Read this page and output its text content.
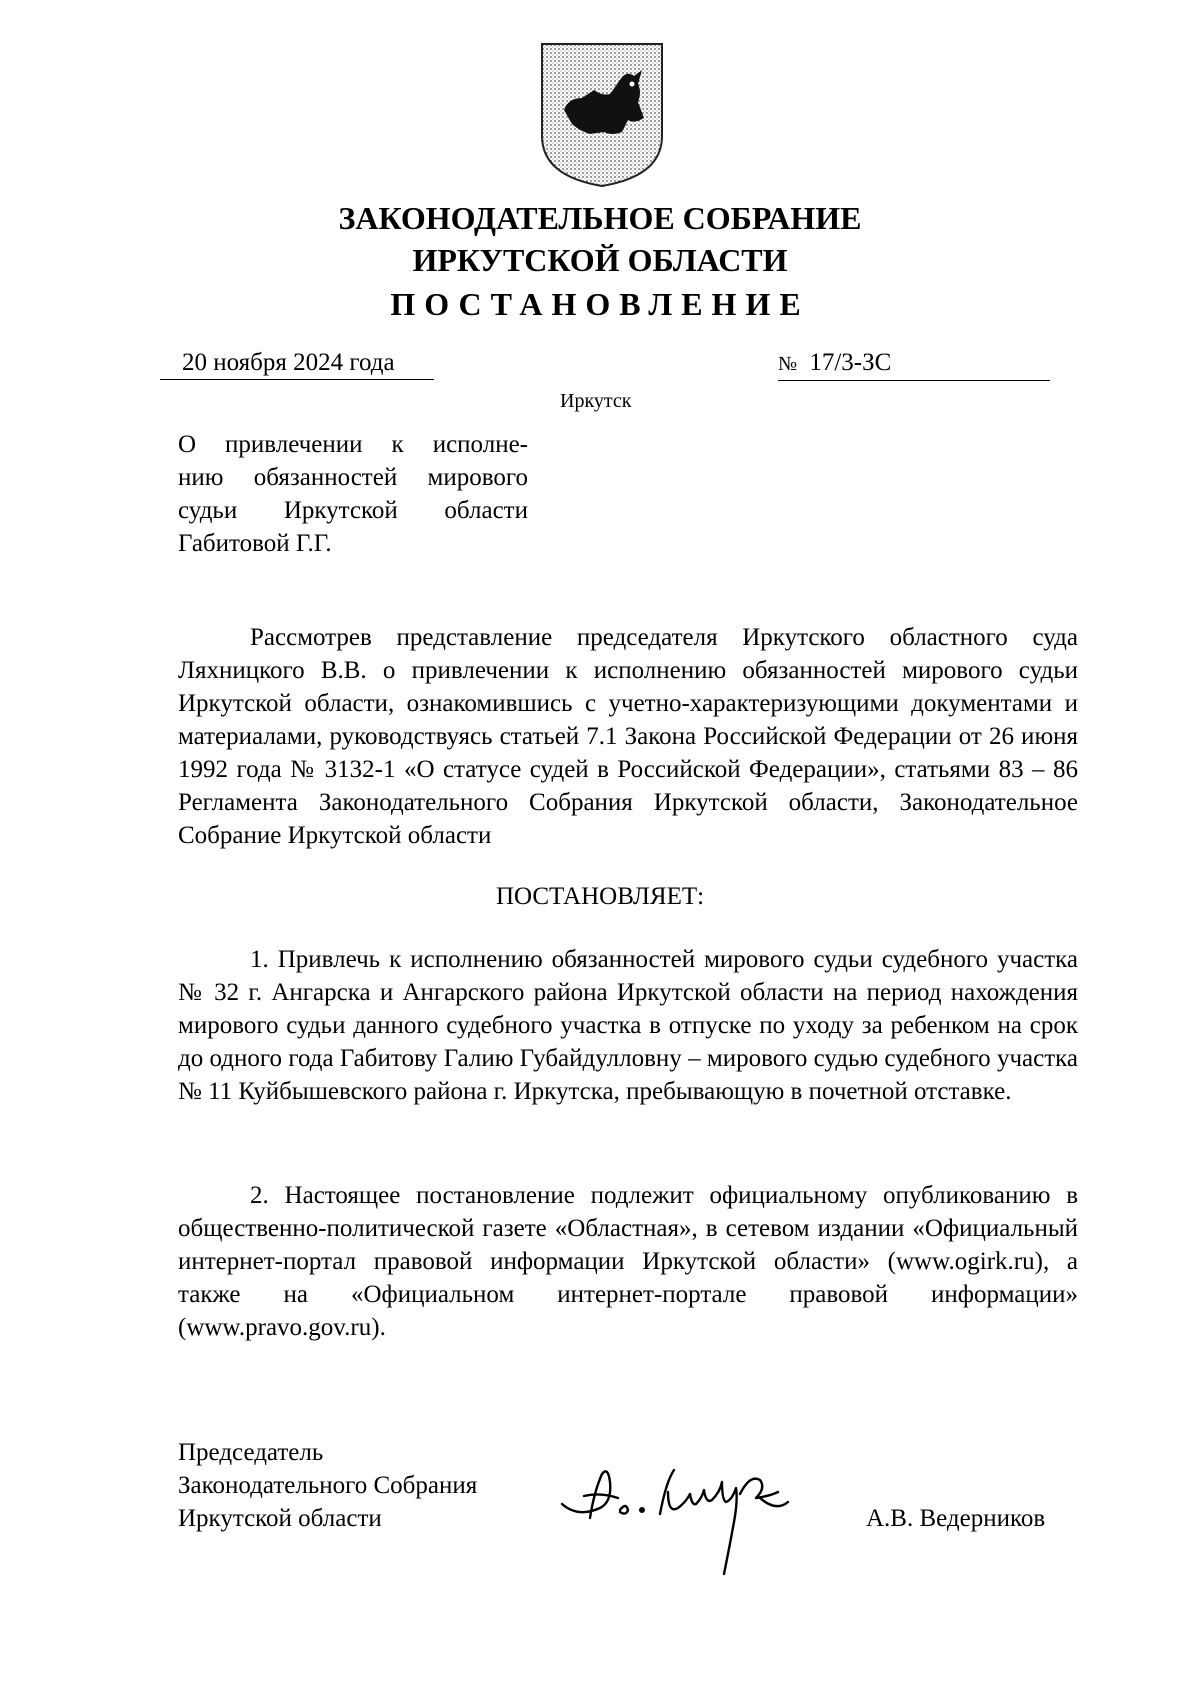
ЗАКОНОДАТЕЛЬНОЕ СОБРАНИЕ
ИРКУТСКОЙ ОБЛАСТИ
ПОСТАНОВЛЕНИЕ
20 ноября 2024 года	№ 17/3-ЗС
Иркутск
О привлечении к исполне-
нию обязанностей мирового
судьи Иркутской области
Габитовой Г.Г.
Рассмотрев представление председателя Иркутского областного суда Ляхницкого В.В. о привлечении к исполнению обязанностей мирового судьи Иркутской области, ознакомившись с учетно-характеризующими документами и материалами, руководствуясь статьей 7.1 Закона Российской Федерации от 26 июня 1992 года № 3132-1 «О статусе судей в Российской Федерации», статьями 83 – 86 Регламента Законодательного Собрания Иркутской области, Законодательное Собрание Иркутской области
ПОСТАНОВЛЯЕТ:
1. Привлечь к исполнению обязанностей мирового судьи судебного участка № 32 г. Ангарска и Ангарского района Иркутской области на период нахождения мирового судьи данного судебного участка в отпуске по уходу за ребенком на срок до одного года Габитову Галию Губайдулловну – мирового судью судебного участка № 11 Куйбышевского района г. Иркутска, пребывающую в почетной отставке.
2. Настоящее постановление подлежит официальному опубликованию в общественно-политической газете «Областная», в сетевом издании «Официальный интернет-портал правовой информации Иркутской области» (www.ogirk.ru), а также на «Официальном интернет-портале правовой информации» (www.pravo.gov.ru).
Председатель
Законодательного Собрания
Иркутской области	А.В. Ведерников
